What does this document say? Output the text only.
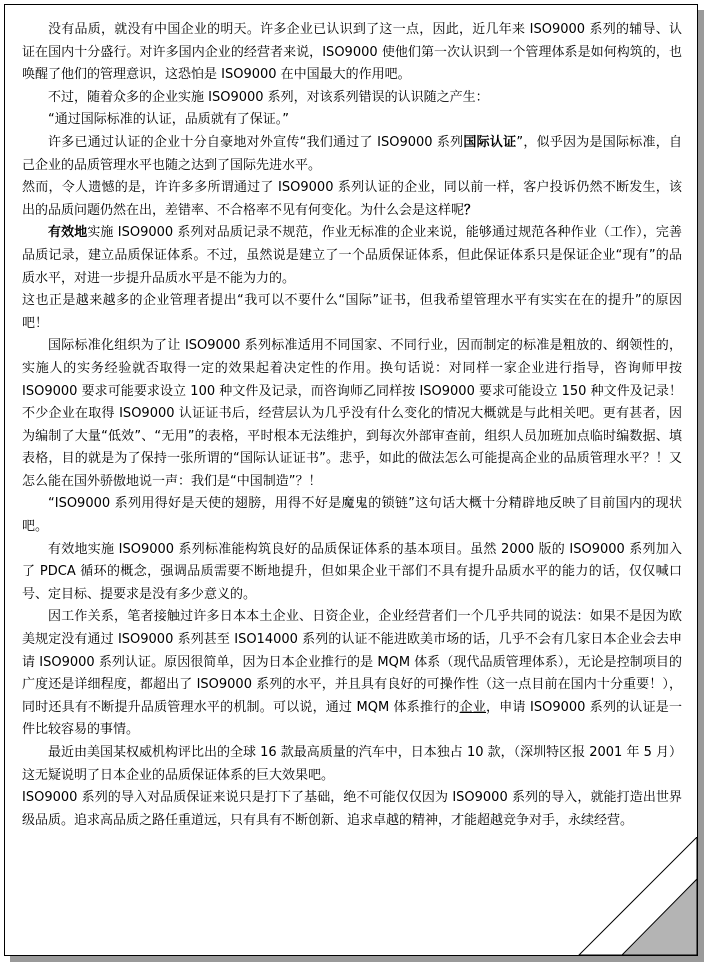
没有品质，就没有中国企业的明天。许多企业已认识到了这一点，因此，近几年来 ISO9000 系列的辅导、认证在国内十分盛行。对许多国内企业的经营者来说，ISO9000 使他们第一次认识到一个管理体系是如何构筑的，也唤醒了他们的管理意识，这恐怕是 ISO9000 在中国最大的作用吧。

不过，随着众多的企业实施 ISO9000 系列，对该系列错误的认识随之产生：

“通过国际标准的认证，品质就有了保证。”

许多已通过认证的企业十分自豪地对外宣传“我们通过了 ISO9000 系列国际认证”，似乎因为是国际标准，自己企业的品质管理水平也随之达到了国际先进水平。

然而，令人遗憾的是，许许多多所谓通过了 ISO9000 系列认证的企业，同以前一样，客户投诉仍然不断发生，该出的品质问题仍然在出，差错率、不合格率不见有何变化。为什么会是这样呢？

有效地实施 ISO9000 系列对品质记录不规范，作业无标准的企业来说，能够通过规范各种作业（工作），完善品质记录，建立品质保证体系。不过，虽然说是建立了一个品质保证体系，但此保证体系只是保证企业“现有”的品质水平，对进一步提升品质水平是不能为力的。

这也正是越来越多的企业管理者提出“我可以不要什么“国际”证书，但我希望管理水平有实实在在的提升”的原因吧！

国际标准化组织为了让 ISO9000 系列标准适用不同国家、不同行业，因而制定的标准是粗放的、纲领性的，实施人的实务经验就否取得一定的效果起着决定性的作用。换句话说：对同样一家企业进行指导，咨询师甲按 ISO9000 要求可能要求设立 100 种文件及记录，而咨询师乙同样按 ISO9000 要求可能设立 150 种文件及记录！不少企业在取得 ISO9000 认证证书后，经营层认为几乎没有什么变化的情况大概就是与此相关吧。更有甚者，因为编制了大量“低效”、“无用”的表格，平时根本无法维护，到每次外部审查前，组织人员加班加点临时编数据、填表格，目的就是为了保持一张所谓的“国际认证证书”。悲乎，如此的做法怎么可能提高企业的品质管理水平？！又怎么能在国外骄傲地说一声：我们是“中国制造”？！

“ISO9000 系列用得好是天使的翅膀，用得不好是魔鬼的锁链”这句话大概十分精辟地反映了目前国内的现状吧。

有效地实施 ISO9000 系列标准能构筑良好的品质保证体系的基本项目。虽然 2000 版的 ISO9000 系列加入了 PDCA 循环的概念，强调品质需要不断地提升，但如果企业干部们不具有提升品质水平的能力的话，仅仅喊口号、定目标、提要求是没有多少意义的。

因工作关系，笔者接触过许多日本本土企业、日资企业，企业经营者们一个几乎共同的说法：如果不是因为欧美规定没有通过 ISO9000 系列甚至 ISO14000 系列的认证不能进欧美市场的话，几乎不会有几家日本企业会去申请 ISO9000 系列认证。原因很简单，因为日本企业推行的是 MQM 体系（现代品质管理体系），无论是控制项目的广度还是详细程度，都超出了 ISO9000 系列的水平，并且具有良好的可操作性（这一点目前在国内十分重要！），同时还具有不断提升品质管理水平的机制。可以说，通过 MQM 体系推行的企业，申请 ISO9000 系列的认证是一件比较容易的事情。

最近由美国某权威机构评比出的全球 16 款最高质量的汽车中，日本独占 10 款，（深圳特区报 2001 年 5 月）这无疑说明了日本企业的品质保证体系的巨大效果吧。

ISO9000 系列的导入对品质保证来说只是打下了基础，绝不可能仅仅因为 ISO9000 系列的导入，就能打造出世界级品质。追求高品质之路任重道远，只有具有不断创新、追求卓越的精神，才能超越竞争对手，永续经营。
